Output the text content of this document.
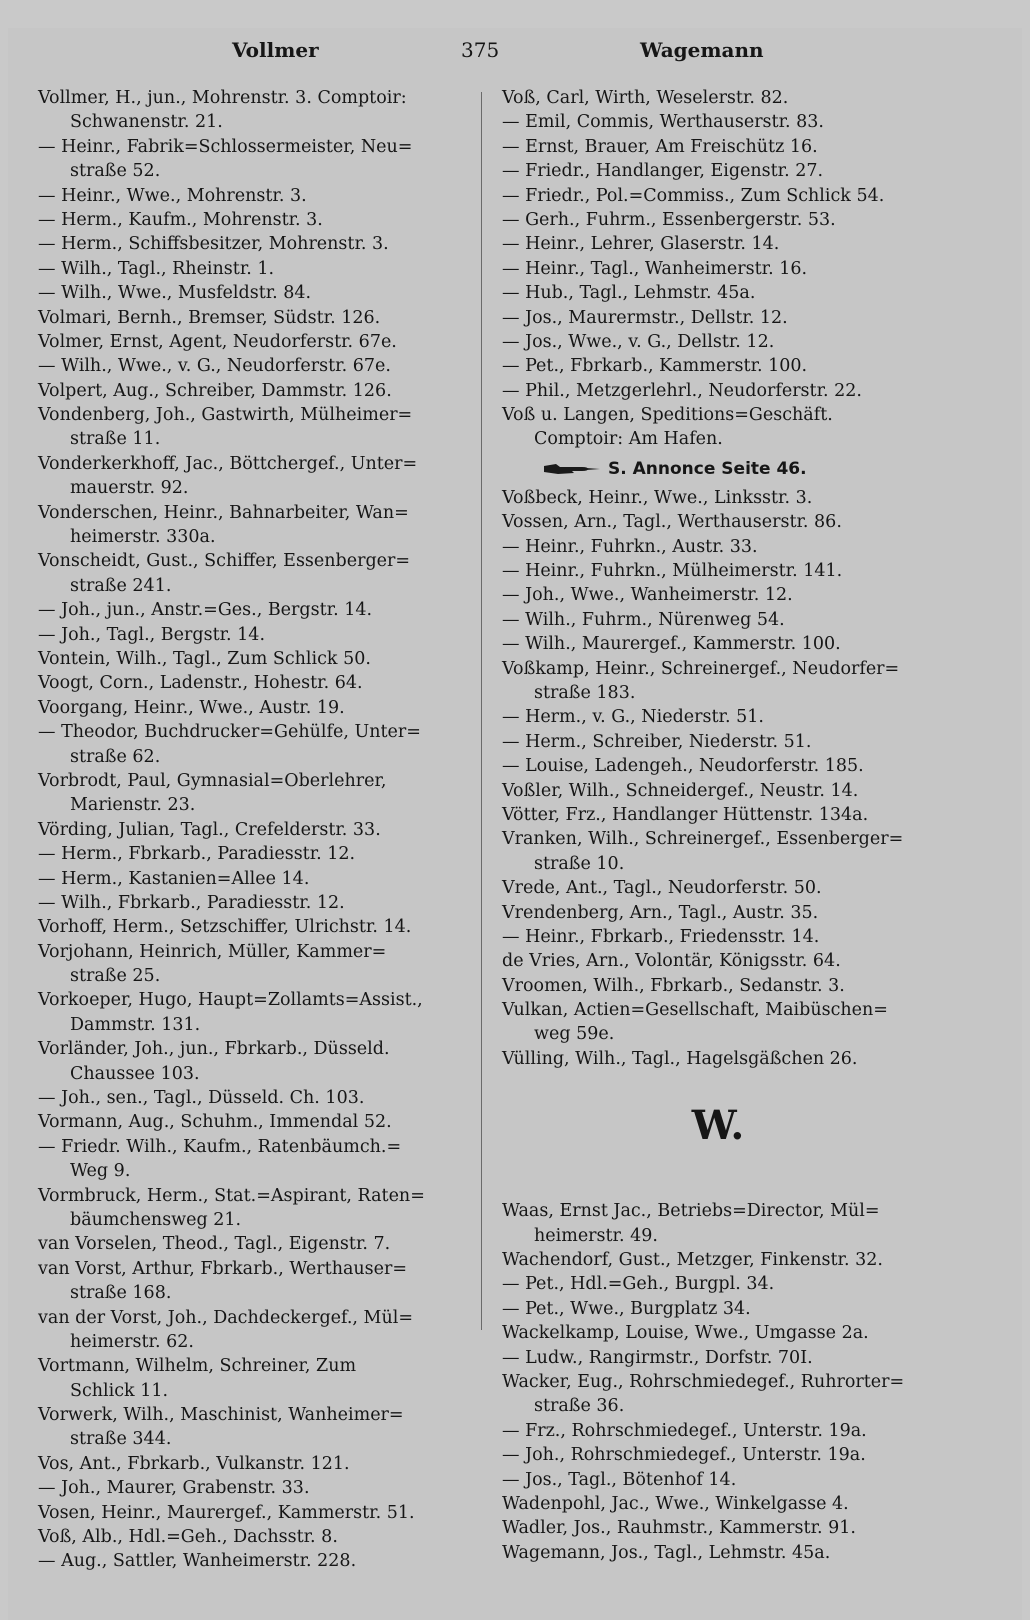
Vollmer	375	Wagemann
Vollmer, H., jun., Mohrenstr. 3. Comptoir:
Schwanenstr. 21.
— Heinr., Fabrik=Schlossermeister, Neu=
straße 52.
— Heinr., Wwe., Mohrenstr. 3.
— Herm., Kaufm., Mohrenstr. 3.
— Herm., Schiffsbesitzer, Mohrenstr. 3.
— Wilh., Tagl., Rheinstr. 1.
— Wilh., Wwe., Musfeldstr. 84.
Volmari, Bernh., Bremser, Südstr. 126.
Volmer, Ernst, Agent, Neudorferstr. 67e.
— Wilh., Wwe., v. G., Neudorferstr. 67e.
Volpert, Aug., Schreiber, Dammstr. 126.
Vondenberg, Joh., Gastwirth, Mülheimer=
straße 11.
Vonderkerkhoff, Jac., Böttchergef., Unter=
mauerstr. 92.
Vonderschen, Heinr., Bahnarbeiter, Wan=
heimerstr. 330a.
Vonscheidt, Gust., Schiffer, Essenberger=
straße 241.
— Joh., jun., Anstr.=Ges., Bergstr. 14.
— Joh., Tagl., Bergstr. 14.
Vontein, Wilh., Tagl., Zum Schlick 50.
Voogt, Corn., Ladenstr., Hohestr. 64.
Voorgang, Heinr., Wwe., Austr. 19.
— Theodor, Buchdrucker=Gehülfe, Unter=
straße 62.
Vorbrodt, Paul, Gymnasial=Oberlehrer,
Marienstr. 23.
Vörding, Julian, Tagl., Crefelderstr. 33.
— Herm., Fbrkarb., Paradiesstr. 12.
— Herm., Kastanien=Allee 14.
— Wilh., Fbrkarb., Paradiesstr. 12.
Vorhoff, Herm., Setzschiffer, Ulrichstr. 14.
Vorjohann, Heinrich, Müller, Kammer=
straße 25.
Vorkoeper, Hugo, Haupt=Zollamts=Assist.,
Dammstr. 131.
Vorländer, Joh., jun., Fbrkarb., Düsseld.
Chaussee 103.
— Joh., sen., Tagl., Düsseld. Ch. 103.
Vormann, Aug., Schuhm., Immendal 52.
— Friedr. Wilh., Kaufm., Ratenbäumch.=
Weg 9.
Vormbruck, Herm., Stat.=Aspirant, Raten=
bäumchensweg 21.
van Vorselen, Theod., Tagl., Eigenstr. 7.
van Vorst, Arthur, Fbrkarb., Werthauser=
straße 168.
van der Vorst, Joh., Dachdeckergef., Mül=
heimerstr. 62.
Vortmann, Wilhelm, Schreiner, Zum
Schlick 11.
Vorwerk, Wilh., Maschinist, Wanheimer=
straße 344.
Vos, Ant., Fbrkarb., Vulkanstr. 121.
— Joh., Maurer, Grabenstr. 33.
Vosen, Heinr., Maurergef., Kammerstr. 51.
Voß, Alb., Hdl.=Geh., Dachsstr. 8.
— Aug., Sattler, Wanheimerstr. 228.
Voß, Carl, Wirth, Weselerstr. 82.
— Emil, Commis, Werthauserstr. 83.
— Ernst, Brauer, Am Freischütz 16.
— Friedr., Handlanger, Eigenstr. 27.
— Friedr., Pol.=Commiss., Zum Schlick 54.
— Gerh., Fuhrm., Essenbergerstr. 53.
— Heinr., Lehrer, Glaserstr. 14.
— Heinr., Tagl., Wanheimerstr. 16.
— Hub., Tagl., Lehmstr. 45a.
— Jos., Maurermstr., Dellstr. 12.
— Jos., Wwe., v. G., Dellstr. 12.
— Pet., Fbrkarb., Kammerstr. 100.
— Phil., Metzgerlehrl., Neudorferstr. 22.
Voß u. Langen, Speditions=Geschäft.
Comptoir: Am Hafen.
S. Annonce Seite 46.
Voßbeck, Heinr., Wwe., Linksstr. 3.
Vossen, Arn., Tagl., Werthauserstr. 86.
— Heinr., Fuhrkn., Austr. 33.
— Heinr., Fuhrkn., Mülheimerstr. 141.
— Joh., Wwe., Wanheimerstr. 12.
— Wilh., Fuhrm., Nürenweg 54.
— Wilh., Maurergef., Kammerstr. 100.
Voßkamp, Heinr., Schreinergef., Neudorfer=
straße 183.
— Herm., v. G., Niederstr. 51.
— Herm., Schreiber, Niederstr. 51.
— Louise, Ladengeh., Neudorferstr. 185.
Voßler, Wilh., Schneidergef., Neustr. 14.
Vötter, Frz., Handlanger Hüttenstr. 134a.
Vranken, Wilh., Schreinergef., Essenberger=
straße 10.
Vrede, Ant., Tagl., Neudorferstr. 50.
Vrendenberg, Arn., Tagl., Austr. 35.
— Heinr., Fbrkarb., Friedensstr. 14.
de Vries, Arn., Volontär, Königsstr. 64.
Vroomen, Wilh., Fbrkarb., Sedanstr. 3.
Vulkan, Actien=Gesellschaft, Maibüschen=
weg 59e.
Vülling, Wilh., Tagl., Hagelsgäßchen 26.
W.
Waas, Ernst Jac., Betriebs=Director, Mül=
heimerstr. 49.
Wachendorf, Gust., Metzger, Finkenstr. 32.
— Pet., Hdl.=Geh., Burgpl. 34.
— Pet., Wwe., Burgplatz 34.
Wackelkamp, Louise, Wwe., Umgasse 2a.
— Ludw., Rangirmstr., Dorfstr. 70I.
Wacker, Eug., Rohrschmiedegef., Ruhrorter=
straße 36.
— Frz., Rohrschmiedegef., Unterstr. 19a.
— Joh., Rohrschmiedegef., Unterstr. 19a.
— Jos., Tagl., Bötenhof 14.
Wadenpohl, Jac., Wwe., Winkelgasse 4.
Wadler, Jos., Rauhmstr., Kammerstr. 91.
Wagemann, Jos., Tagl., Lehmstr. 45a.
